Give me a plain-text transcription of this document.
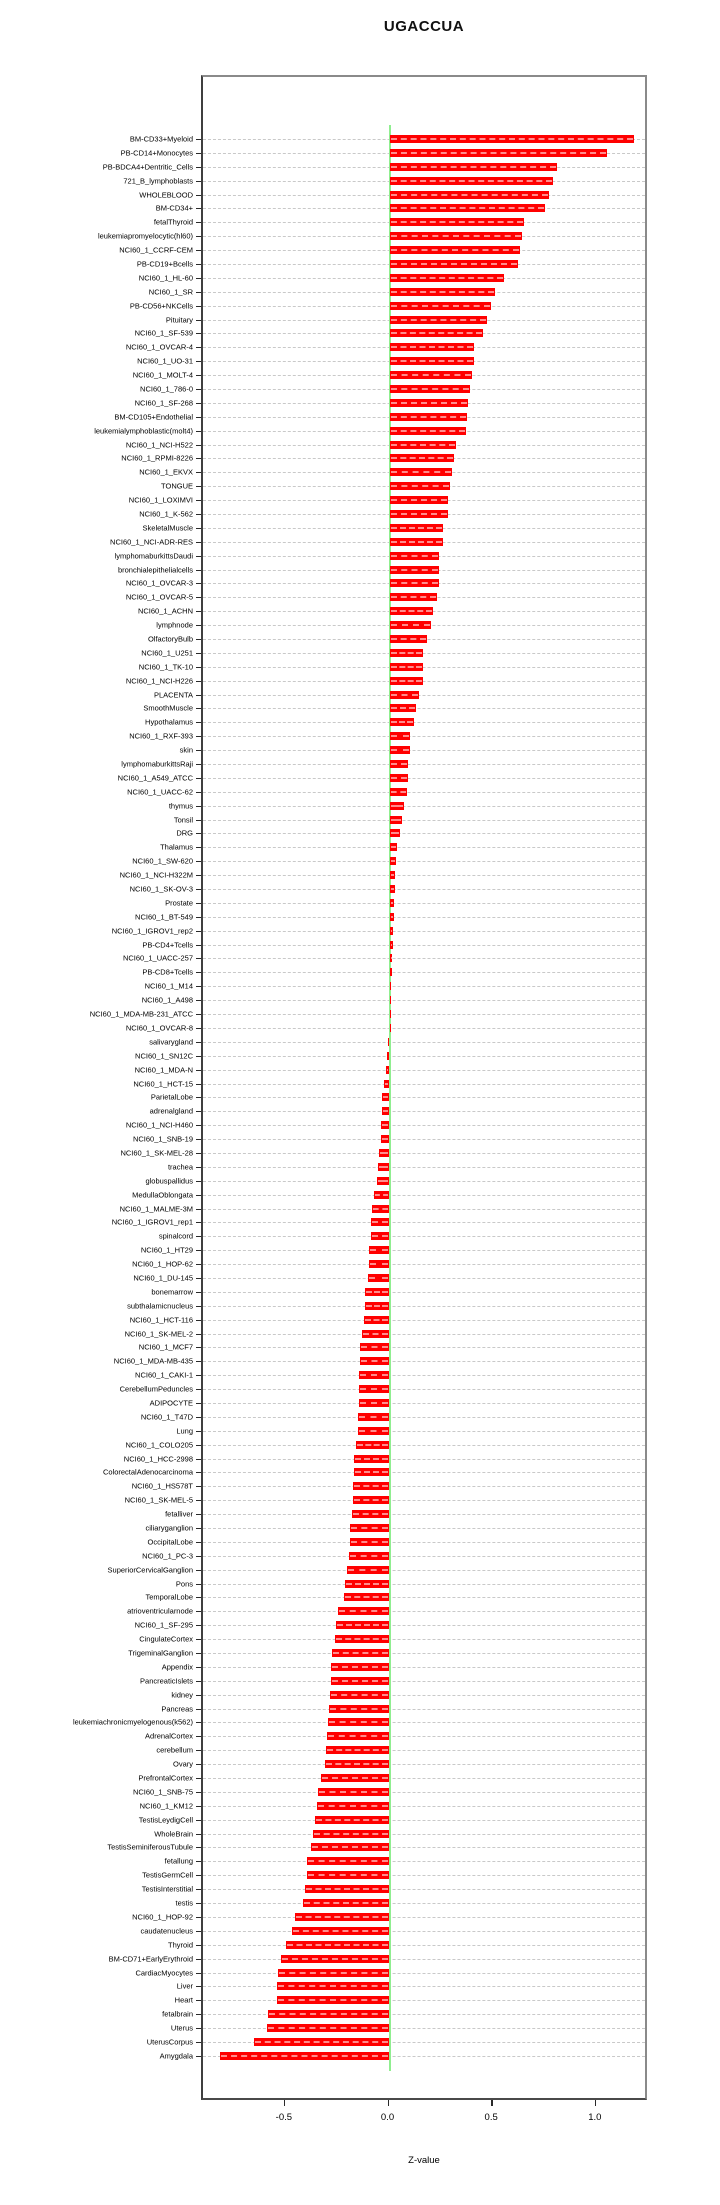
UGACCUA
BM-CD33+Myeloid
PB-CD14+Monocytes
PB-BDCA4+Dentritic_Cells
721_B_lymphoblasts
WHOLEBLOOD
BM-CD34+
fetalThyroid
leukemiapromyelocytic(hl60)
NCI60_1_CCRF-CEM
PB-CD19+Bcells
NCI60_1_HL-60
NCI60_1_SR
PB-CD56+NKCells
Pituitary
NCI60_1_SF-539
NCI60_1_OVCAR-4
NCI60_1_UO-31
NCI60_1_MOLT-4
NCI60_1_786-0
NCI60_1_SF-268
BM-CD105+Endothelial
leukemialymphoblastic(molt4)
NCI60_1_NCI-H522
NCI60_1_RPMI-8226
NCI60_1_EKVX
TONGUE
NCI60_1_LOXIMVI
NCI60_1_K-562
SkeletalMuscle
NCI60_1_NCI-ADR-RES
lymphomaburkittsDaudi
bronchialepithelialcells
NCI60_1_OVCAR-3
NCI60_1_OVCAR-5
NCI60_1_ACHN
lymphnode
OlfactoryBulb
NCI60_1_U251
NCI60_1_TK-10
NCI60_1_NCI-H226
PLACENTA
SmoothMuscle
Hypothalamus
NCI60_1_RXF-393
skin
lymphomaburkittsRaji
NCI60_1_A549_ATCC
NCI60_1_UACC-62
thymus
Tonsil
DRG
Thalamus
NCI60_1_SW-620
NCI60_1_NCI-H322M
NCI60_1_SK-OV-3
Prostate
NCI60_1_BT-549
NCI60_1_IGROV1_rep2
PB-CD4+Tcells
NCI60_1_UACC-257
PB-CD8+Tcells
NCI60_1_M14
NCI60_1_A498
NCI60_1_MDA-MB-231_ATCC
NCI60_1_OVCAR-8
salivarygland
NCI60_1_SN12C
NCI60_1_MDA-N
NCI60_1_HCT-15
ParietalLobe
adrenalgland
NCI60_1_NCI-H460
NCI60_1_SNB-19
NCI60_1_SK-MEL-28
trachea
globuspallidus
MedullaOblongata
NCI60_1_MALME-3M
NCI60_1_IGROV1_rep1
spinalcord
NCI60_1_HT29
NCI60_1_HOP-62
NCI60_1_DU-145
bonemarrow
subthalamicnucleus
NCI60_1_HCT-116
NCI60_1_SK-MEL-2
NCI60_1_MCF7
NCI60_1_MDA-MB-435
NCI60_1_CAKI-1
CerebellumPeduncles
ADIPOCYTE
NCI60_1_T47D
Lung
NCI60_1_COLO205
NCI60_1_HCC-2998
ColorectalAdenocarcinoma
NCI60_1_HS578T
NCI60_1_SK-MEL-5
fetalliver
ciliaryganglion
OccipitalLobe
NCI60_1_PC-3
SuperiorCervicalGanglion
Pons
TemporalLobe
atrioventricularnode
NCI60_1_SF-295
CingulateCortex
TrigeminalGanglion
Appendix
PancreaticIslets
kidney
Pancreas
leukemiachronicmyelogenous(k562)
AdrenalCortex
cerebellum
Ovary
PrefrontalCortex
NCI60_1_SNB-75
NCI60_1_KM12
TestisLeydigCell
WholeBrain
TestisSeminiferousTubule
fetallung
TestisGermCell
TestisInterstitial
testis
NCI60_1_HOP-92
caudatenucleus
Thyroid
BM-CD71+EarlyErythroid
CardiacMyocytes
Liver
Heart
fetalbrain
Uterus
UterusCorpus
Amygdala
-0.5	0.0	0.5	1.0
Z-value
